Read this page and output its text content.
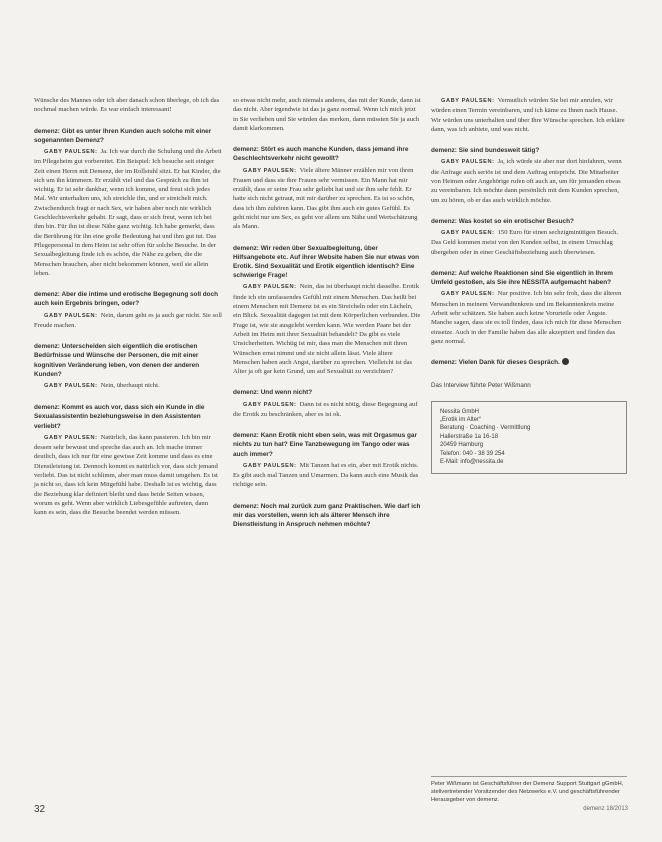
Wünsche des Mannes oder ich aber danach schon überlege, ob ich das nochmal machen würde. Es war einfach interessant!

demenz: Gibt es unter Ihren Kunden auch solche mit einer sogenannten Demenz?

GABY PAULSEN: Ja. Ich war durch die Schulung und die Arbeit im Pflegeheim gut vorbereitet. Ein Beispiel: Ich besuche seit einiger Zeit einen Herrn mit Demenz, der im Rollstuhl sitzt. Er hat Kinder, die sich um ihn kümmern. Er erzählt viel und das Gespräch zu ihm ist wichtig. Er ist sehr dankbar, wenn ich komme, und freut sich jedes Mal. Wir unterhalten uns, ich streichle ihn, und er streichelt mich. Zwischendurch fragt er nach Sex, wir haben aber noch nie wirklich Geschlechtsverkehr gehabt. Er sagt, dass er sich freut, wenn ich bei ihm bin. Für ihn ist diese Nähe ganz wichtig. Ich habe gemerkt, dass die Berührung für ihn eine große Bedeutung hat und ihm gut tut. Das Pflegepersonal in dem Heim ist sehr offen für solche Besuche. In der Sexualbegleitung finde ich es schön, die Nähe zu geben, die die Menschen brauchen, aber nicht bekommen können, weil sie allein leben.

demenz: Aber die intime und erotische Begegnung soll doch auch kein Ergebnis bringen, oder?

GABY PAULSEN: Nein, darum geht es ja auch gar nicht. Sie soll Freude machen.

demenz: Unterscheiden sich eigentlich die erotischen Bedürfnisse und Wünsche der Personen, die mit einer kognitiven Veränderung leben, von denen der anderen Kunden?

GABY PAULSEN: Nein, überhaupt nicht.

demenz: Kommt es auch vor, dass sich ein Kunde in die Sexualassistentin beziehungsweise in den Assistenten verliebt?

GABY PAULSEN: Natürlich, das kann passieren. Ich bin mir dessen sehr bewusst und spreche das auch an. Ich mache immer deutlich, dass ich nur für eine gewisse Zeit komme und dass es eine Dienstleistung ist. Dennoch kommt es natürlich vor, dass sich jemand verliebt. Das ist nicht schlimm, aber man muss damit umgehen. Es ist ja nicht so, dass ich kein Mitgefühl habe. Deshalb ist es wichtig, dass die Beziehung klar definiert bleibt und dass beide Seiten wissen, worum es geht. Wenn aber wirklich Liebesgefühle auftreten, dann kann es sein, dass die Besuche beendet werden müssen.

so etwas nicht mehr, auch niemals anderes, das mit der Kunde, dann ist das nicht. Aber irgendwie ist das ja ganz normal. Wenn ich mich jetzt in Sie verlieben und Sie würden das merken, dann müssten Sie ja auch damit klarkommen.

demenz: Stört es auch manche Kunden, dass jemand ihre Geschlechtsverkehr nicht gewollt?

GABY PAULSEN: Viele ältere Männer erzählen mir von ihren Frauen und dass sie ihre Frauen sehr vermissen. Ein Mann hat mir erzählt, dass er seine Frau sehr geliebt hat und sie ihm sehr fehlt. Er hatte sich nicht getraut, mit mir darüber zu sprechen. Es ist so schön, dass ich ihm zuhören kann. Das gibt ihm auch ein gutes Gefühl. Es geht nicht nur um Sex, es geht vor allem um Nähe und Wertschätzung als Mann.

demenz: Wir reden über Sexualbegleitung, über Hilfsangebote etc. Auf ihrer Website haben Sie nur etwas von Erotik. Sind Sexualität und Erotik eigentlich identisch? Eine schwierige Frage!

GABY PAULSEN: Nein, das ist überhaupt nicht dasselbe. Erotik finde ich ein umfassendes Gefühl mit einem Menschen. Das heißt bei einem Menschen mit Demenz ist es ein Streicheln oder ein Lächeln, ein Blick. Sexualität dagegen ist mit dem Körperlichen verbunden. Die Frage ist, wie sie ausgelebt werden kann. Wie werden Paare bei der Arbeit im Heim mit ihrer Sexualität behandelt? Da gibt es viele Unsicherheiten. Wichtig ist mir, dass man die Menschen mit ihren Wünschen ernst nimmt und sie nicht allein lässt. Viele ältere Menschen haben auch Angst, darüber zu sprechen. Vielleicht ist das Alter ja oft gar kein Grund, um auf Sexualität zu verzichten?

demenz: Und wenn nicht?

GABY PAULSEN: Dann ist es nicht nötig, diese Begegnung auf die Erotik zu beschränken, aber es ist ok.

demenz: Kann Erotik nicht eben sein, was mit Orgasmus gar nichts zu tun hat? Eine Tanzbewegung im Tango oder was auch immer?

GABY PAULSEN: Mit Tanzen hat es ein, aber mit Erotik nichts. Es gibt auch mal Tanzen und Umarmen. Da kann auch eine Musik das richtige sein.

demenz: Noch mal zurück zum ganz Praktischen. Wie darf ich mir das vorstellen, wenn ich als älterer Mensch ihre Dienstleistung in Anspruch nehmen möchte?

GABY PAULSEN: Vermutlich würden Sie bei mir anrufen, wir würden einen Termin vereinbaren, und ich käme zu Ihnen nach Hause. Wir würden uns unterhalten und über Ihre Wünsche sprechen. Ich erkläre dann, was ich anbiete, und was nicht.

demenz: Sie sind bundesweit tätig?

GABY PAULSEN: Ja, ich würde sie aber nur dort hinfahren, wenn die Anfrage auch seriös ist und dem Auftrag entspricht. Die Mitarbeiter von Heimen oder Angehörige rufen oft auch an, um für jemanden etwas zu vereinbaren. Ich möchte dann persönlich mit dem Kunden sprechen, um zu hören, ob er das auch wirklich möchte.

demenz: Was kostet so ein erotischer Besuch?

GABY PAULSEN: 150 Euro für einen sechzigminütigen Besuch. Das Geld kommen meist von den Kunden selbst, in einem Umschlag übergeben oder in einer Geschäftsbeziehung auch überwiesen.

demenz: Auf welche Reaktionen sind Sie eigentlich in Ihrem Umfeld gestoßen, als Sie ihre NESSITA aufgemacht haben?

GABY PAULSEN: Nur positive. Ich bin sehr froh, dass die älteren Menschen in meinem Verwandtenkreis und im Bekanntenkreis meine Arbeit sehr schätzen. Sie haben auch keine Vorurteile oder Ängste. Manche sagen, dass sie es toll finden, dass ich mich für diese Menschen einsetze. Auch in der Familie haben das alle akzeptiert und finden das ganz normal.

demenz: Vielen Dank für dieses Gespräch.

Das Interview führte Peter Wißmann
Nessita GmbH
„Erotik im Alter“
Beratung · Coaching · Vermittlung
Hallerstraße 1a 16-18
20459 Hamburg
Telefon: 040 - 38 39 254
E-Mail: info@nessita.de
Peter Wißmann ist Geschäftsführer der Demenz Support Stuttgart gGmbH, stellvertretender Vorsitzender des Netzwerks e.V. und geschäftsführender Herausgeber von demenz.
32	demenz 18/2013
